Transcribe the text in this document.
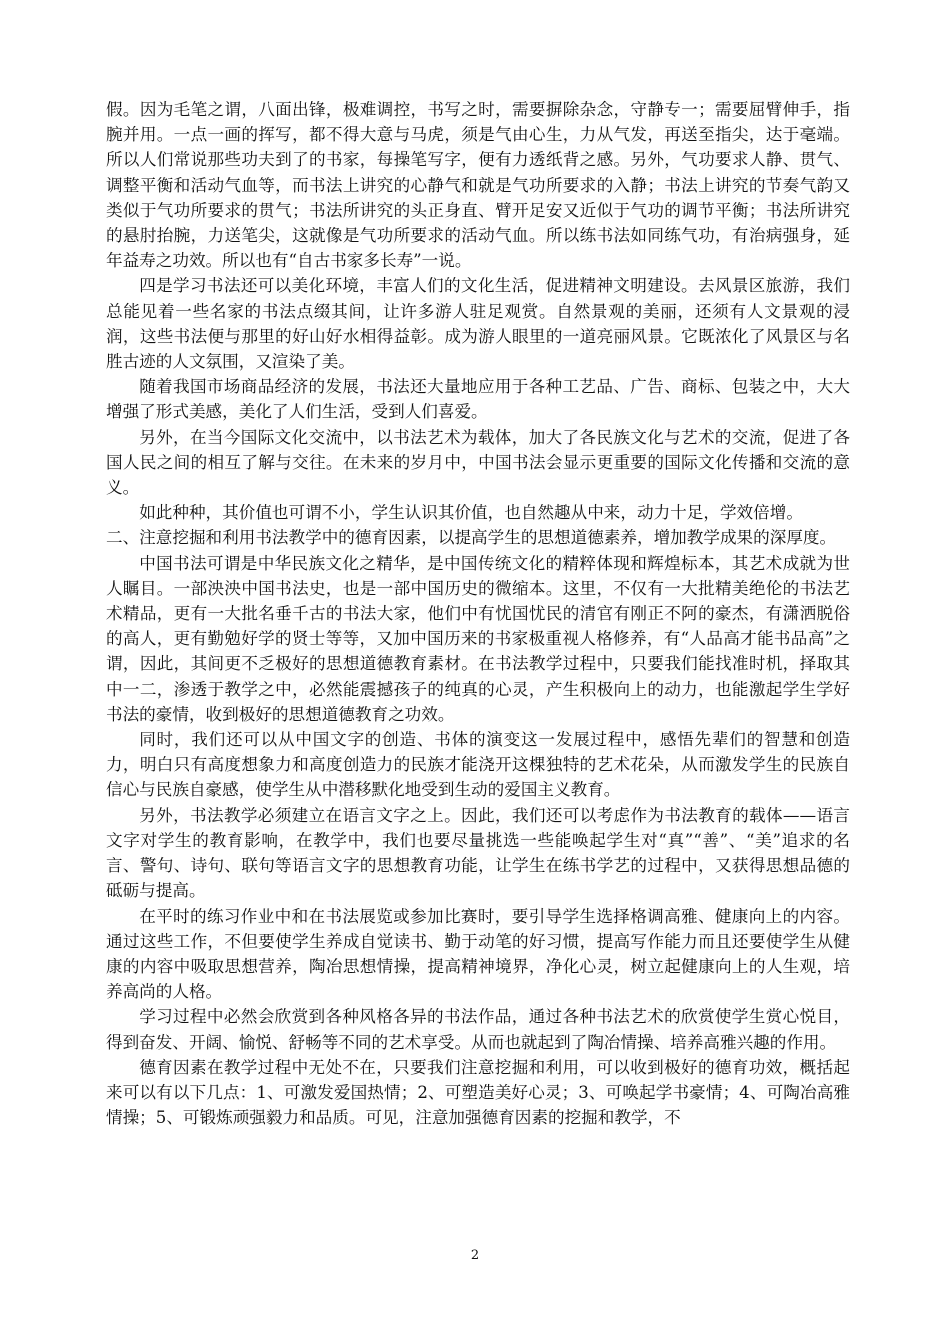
假。因为毛笔之谓，八面出锋，极难调控，书写之时，需要摒除杂念，守静专一；需要屈臂伸手，指腕并用。一点一画的挥写，都不得大意与马虎，须是气由心生，力从气发，再送至指尖，达于毫端。所以人们常说那些功夫到了的书家，每操笔写字，便有力透纸背之感。另外，气功要求人静、贯气、调整平衡和活动气血等，而书法上讲究的心静气和就是气功所要求的入静；书法上讲究的节奏气韵又类似于气功所要求的贯气；书法所讲究的头正身直、臂开足安又近似于气功的调节平衡；书法所讲究的悬肘抬腕，力送笔尖，这就像是气功所要求的活动气血。所以练书法如同练气功，有治病强身，延年益寿之功效。所以也有“自古书家多长寿”一说。

四是学习书法还可以美化环境，丰富人们的文化生活，促进精神文明建设。去风景区旅游，我们总能见着一些名家的书法点缀其间，让许多游人驻足观赏。自然景观的美丽，还须有人文景观的浸润，这些书法便与那里的好山好水相得益彰。成为游人眼里的一道亮丽风景。它既浓化了风景区与名胜古迹的人文氛围，又渲染了美。

随着我国市场商品经济的发展，书法还大量地应用于各种工艺品、广告、商标、包装之中，大大增强了形式美感，美化了人们生活，受到人们喜爱。

另外，在当今国际文化交流中，以书法艺术为载体，加大了各民族文化与艺术的交流，促进了各国人民之间的相互了解与交往。在未来的岁月中，中国书法会显示更重要的国际文化传播和交流的意义。

如此种种，其价值也可谓不小，学生认识其价值，也自然趣从中来，动力十足，学效倍增。

二、注意挖掘和利用书法教学中的德育因素，以提高学生的思想道德素养，增加教学成果的深厚度。

中国书法可谓是中华民族文化之精华，是中国传统文化的精粹体现和辉煌标本，其艺术成就为世人瞩目。一部泱泱中国书法史，也是一部中国历史的微缩本。这里，不仅有一大批精美绝伦的书法艺术精品，更有一大批名垂千古的书法大家，他们中有忧国忧民的清官有刚正不阿的豪杰，有潇洒脱俗的高人，更有勤勉好学的贤士等等，又加中国历来的书家极重视人格修养，有“人品高才能书品高”之谓，因此，其间更不乏极好的思想道德教育素材。在书法教学过程中，只要我们能找准时机，择取其中一二，渗透于教学之中，必然能震撼孩子的纯真的心灵，产生积极向上的动力，也能激起学生学好书法的豪情，收到极好的思想道德教育之功效。

同时，我们还可以从中国文字的创造、书体的演变这一发展过程中，感悟先辈们的智慧和创造力，明白只有高度想象力和高度创造力的民族才能浇开这棵独特的艺术花朵，从而激发学生的民族自信心与民族自豪感，使学生从中潜移默化地受到生动的爱国主义教育。

另外，书法教学必须建立在语言文字之上。因此，我们还可以考虑作为书法教育的载体——语言文字对学生的教育影响，在教学中，我们也要尽量挑选一些能唤起学生对“真”“善”、“美”追求的名言、警句、诗句、联句等语言文字的思想教育功能，让学生在练书学艺的过程中，又获得思想品德的砥砺与提高。

在平时的练习作业中和在书法展览或参加比赛时，要引导学生选择格调高雅、健康向上的内容。通过这些工作，不但要使学生养成自觉读书、勤于动笔的好习惯，提高写作能力而且还要使学生从健康的内容中吸取思想营养，陶冶思想情操，提高精神境界，净化心灵，树立起健康向上的人生观，培养高尚的人格。

学习过程中必然会欣赏到各种风格各异的书法作品，通过各种书法艺术的欣赏使学生赏心悦目，得到奋发、开阔、愉悦、舒畅等不同的艺术享受。从而也就起到了陶冶情操、培养高雅兴趣的作用。

德育因素在教学过程中无处不在，只要我们注意挖掘和利用，可以收到极好的德育功效，概括起来可以有以下几点：1、可激发爱国热情；2、可塑造美好心灵；3、可唤起学书豪情；4、可陶冶高雅情操；5、可锻炼顽强毅力和品质。可见，注意加强德育因素的挖掘和教学，不

2
